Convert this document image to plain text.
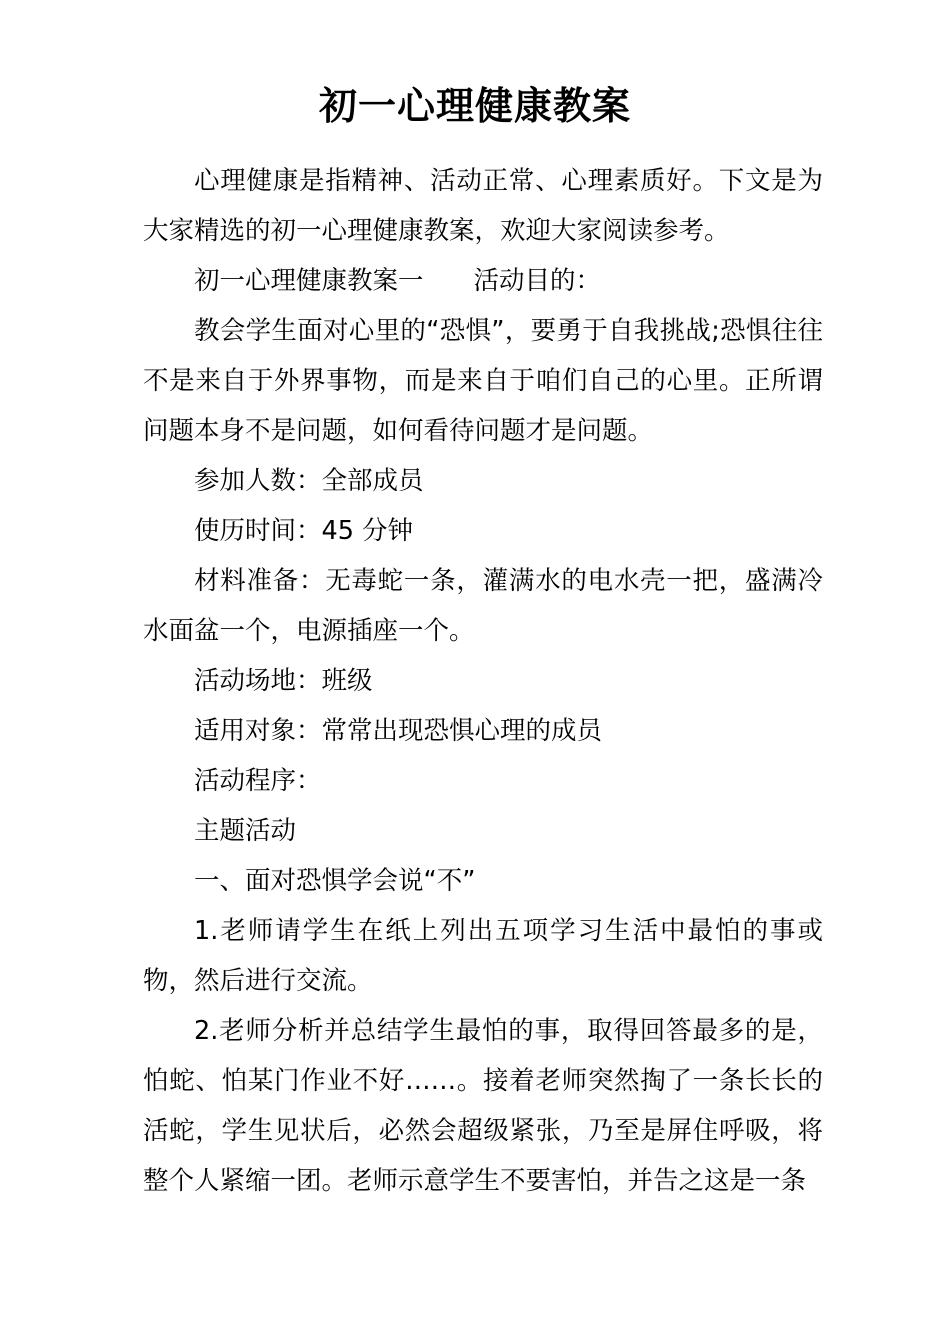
初一心理健康教案

心理健康是指精神、活动正常、心理素质好。下文是为大家精选的初一心理健康教案，欢迎大家阅读参考。

初一心理健康教案一 活动目的：

教会学生面对心里的“恐惧”，要勇于自我挑战;恐惧往往不是来自于外界事物，而是来自于咱们自己的心里。正所谓问题本身不是问题，如何看待问题才是问题。

参加人数：全部成员

使历时间：45 分钟

材料准备：无毒蛇一条，灌满水的电水壳一把，盛满冷水面盆一个，电源插座一个。

活动场地：班级

适用对象：常常出现恐惧心理的成员

活动程序：

主题活动

一、面对恐惧学会说“不”

1.老师请学生在纸上列出五项学习生活中最怕的事或物，然后进行交流。

2.老师分析并总结学生最怕的事，取得回答最多的是，怕蛇、怕某门作业不好……。接着老师突然掏了一条长长的活蛇，学生见状后，必然会超级紧张，乃至是屏住呼吸，将整个人紧缩一团。老师示意学生不要害怕，并告之这是一条
